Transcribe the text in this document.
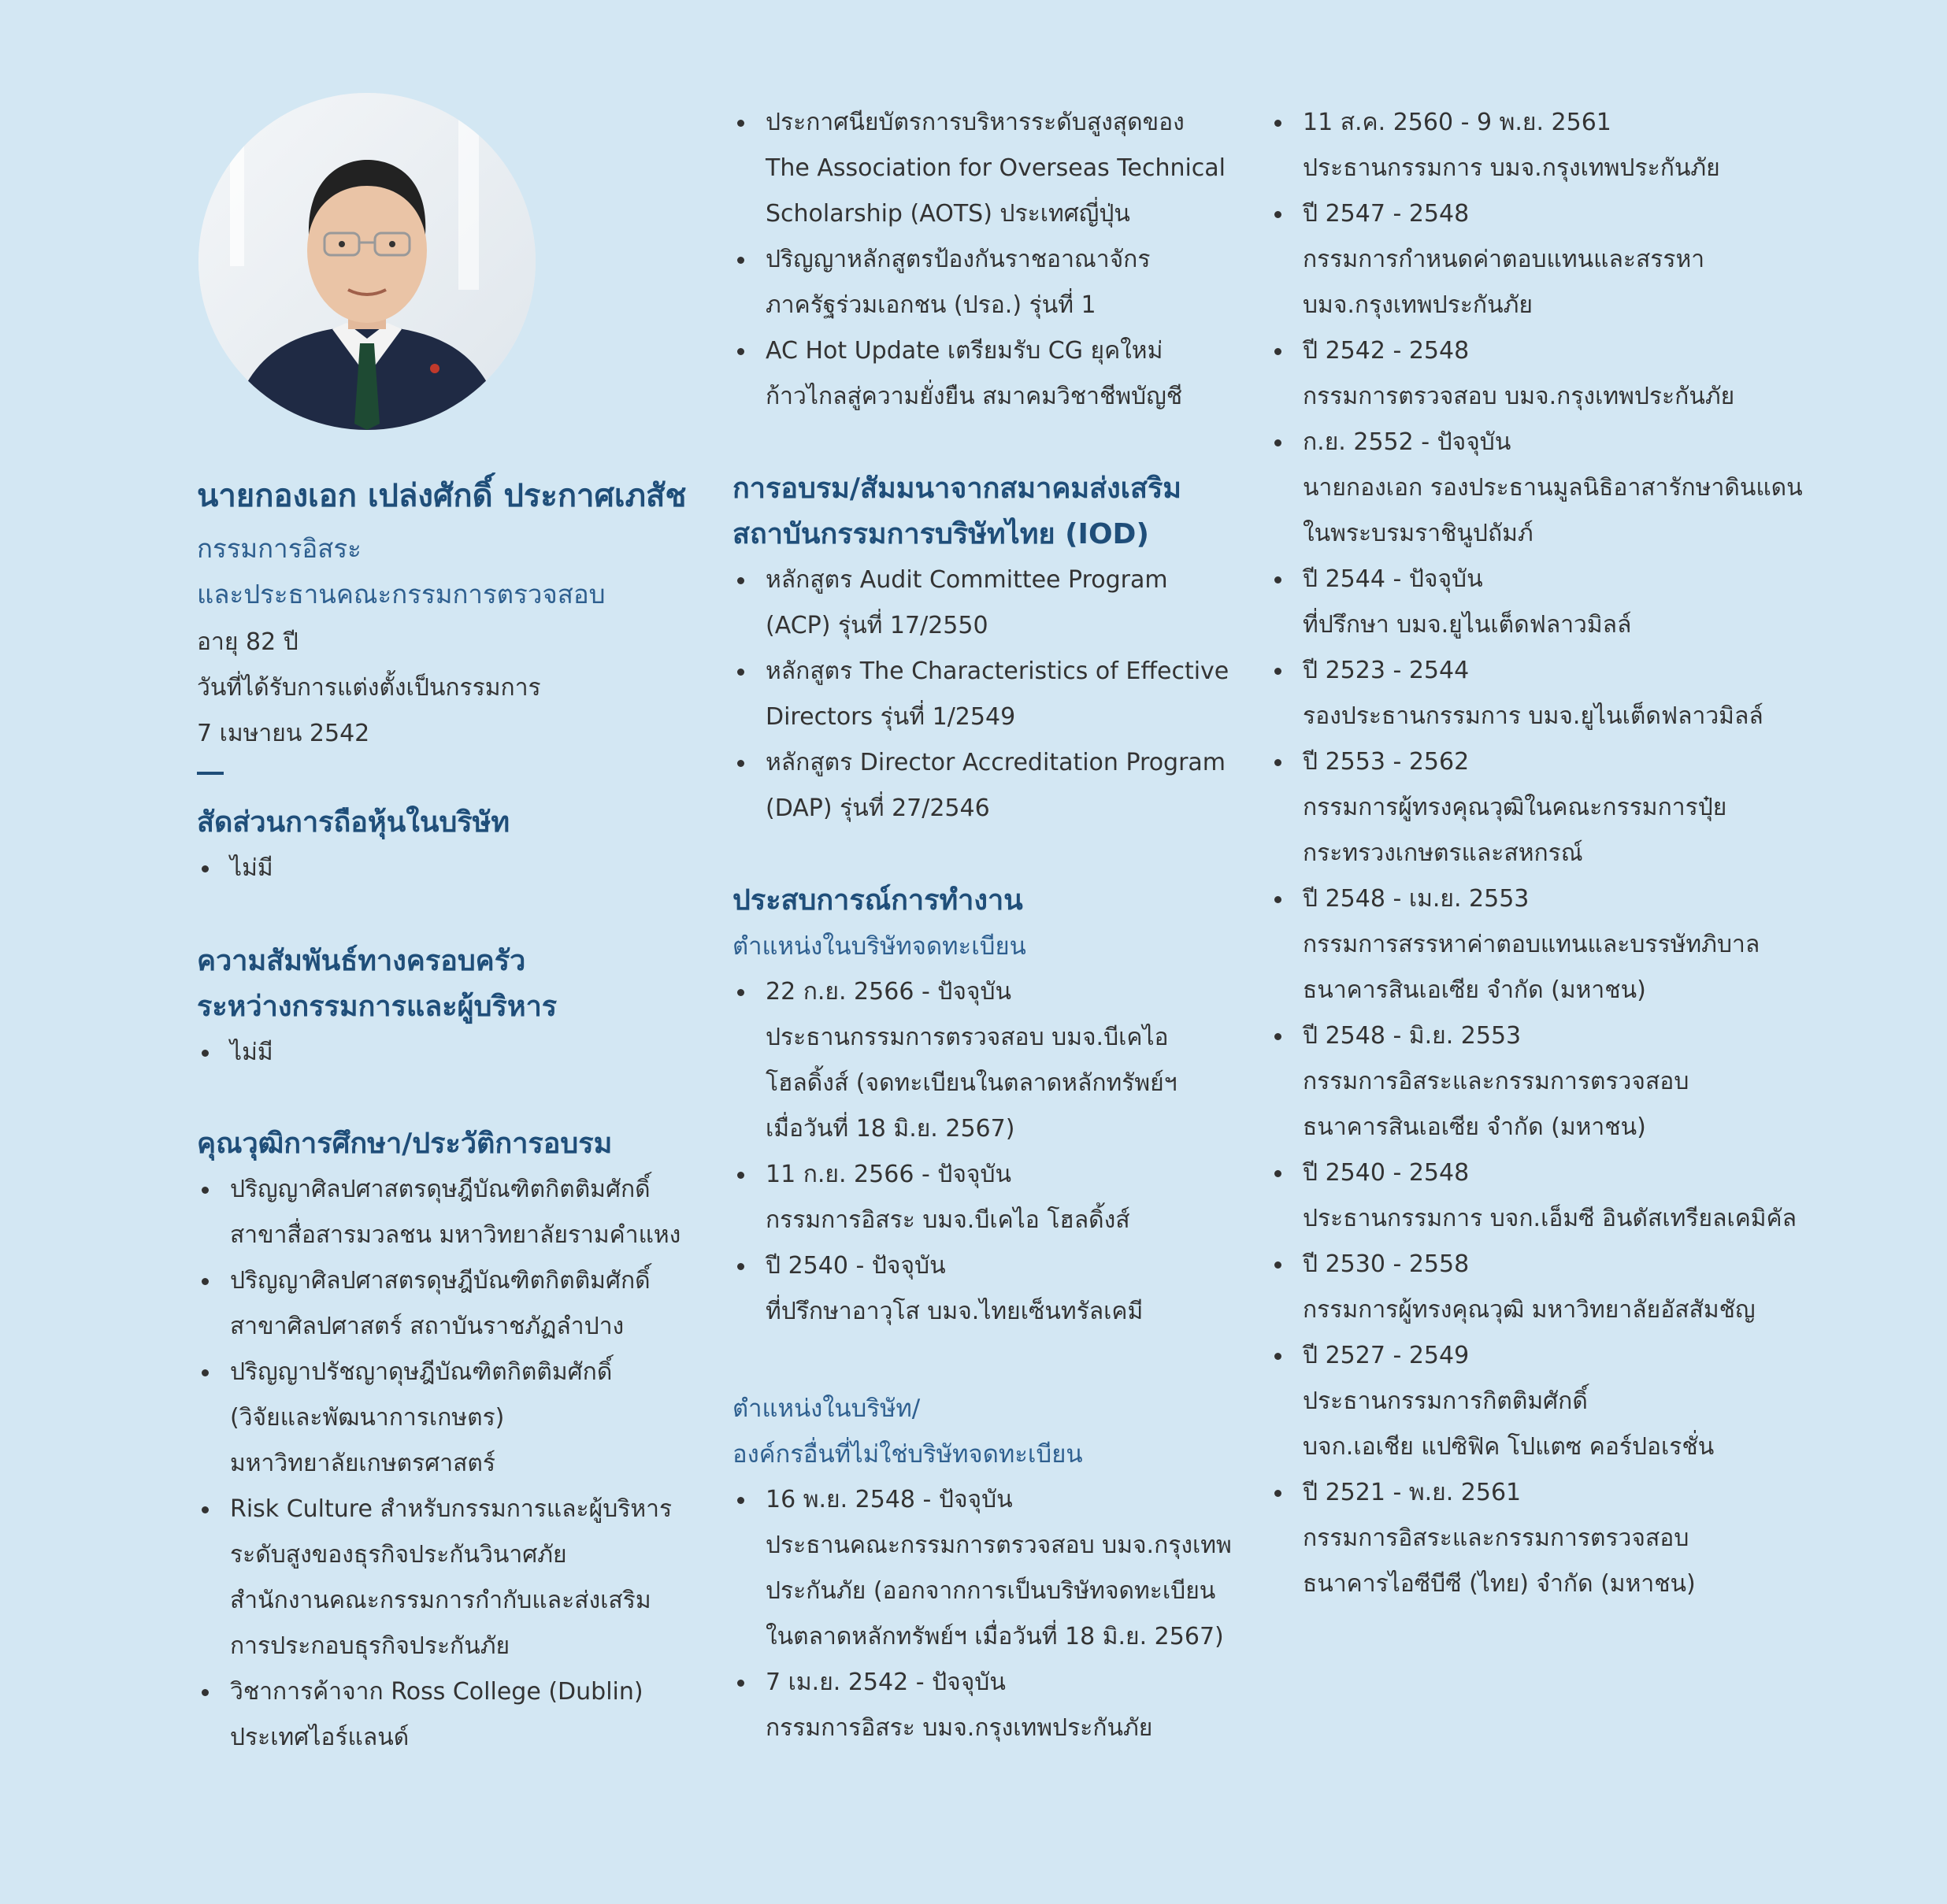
นายกองเอก เปล่งศักดิ์ ประกาศเภสัช
กรรมการอิสระ
และประธานคณะกรรมการตรวจสอบ
อายุ 82 ปี
วันที่ได้รับการแต่งตั้งเป็นกรรมการ
7 เมษายน 2542
สัดส่วนการถือหุ้นในบริษัท
ไม่มี
ความสัมพันธ์ทางครอบครัว
ระหว่างกรรมการและผู้บริหาร
ไม่มี
คุณวุฒิการศึกษา/ประวัติการอบรม
ปริญญาศิลปศาสตรดุษฎีบัณฑิตกิตติมศักดิ์
สาขาสื่อสารมวลชน มหาวิทยาลัยรามคำแหง
ปริญญาศิลปศาสตรดุษฎีบัณฑิตกิตติมศักดิ์
สาขาศิลปศาสตร์ สถาบันราชภัฏลำปาง
ปริญญาปรัชญาดุษฎีบัณฑิตกิตติมศักดิ์
(วิจัยและพัฒนาการเกษตร)
มหาวิทยาลัยเกษตรศาสตร์
Risk Culture สำหรับกรรมการและผู้บริหาร
ระดับสูงของธุรกิจประกันวินาศภัย
สำนักงานคณะกรรมการกำกับและส่งเสริม
การประกอบธุรกิจประกันภัย
วิชาการค้าจาก Ross College (Dublin)
ประเทศไอร์แลนด์
ประกาศนียบัตรการบริหารระดับสูงสุดของ
The Association for Overseas Technical
Scholarship (AOTS) ประเทศญี่ปุ่น
ปริญญาหลักสูตรป้องกันราชอาณาจักร
ภาครัฐร่วมเอกชน (ปรอ.) รุ่นที่ 1
AC Hot Update เตรียมรับ CG ยุคใหม่
ก้าวไกลสู่ความยั่งยืน สมาคมวิชาชีพบัญชี
การอบรม/สัมมนาจากสมาคมส่งเสริม
สถาบันกรรมการบริษัทไทย (IOD)
หลักสูตร Audit Committee Program
(ACP) รุ่นที่ 17/2550
หลักสูตร The Characteristics of Effective
Directors รุ่นที่ 1/2549
หลักสูตร Director Accreditation Program
(DAP) รุ่นที่ 27/2546
ประสบการณ์การทำงาน
ตำแหน่งในบริษัทจดทะเบียน
22 ก.ย. 2566 - ปัจจุบัน
ประธานกรรมการตรวจสอบ บมจ.บีเคไอ
โฮลดิ้งส์ (จดทะเบียนในตลาดหลักทรัพย์ฯ
เมื่อวันที่ 18 มิ.ย. 2567)
11 ก.ย. 2566 - ปัจจุบัน
กรรมการอิสระ บมจ.บีเคไอ โฮลดิ้งส์
ปี 2540 - ปัจจุบัน
ที่ปรึกษาอาวุโส บมจ.ไทยเซ็นทรัลเคมี
ตำแหน่งในบริษัท/
องค์กรอื่นที่ไม่ใช่บริษัทจดทะเบียน
16 พ.ย. 2548 - ปัจจุบัน
ประธานคณะกรรมการตรวจสอบ บมจ.กรุงเทพ
ประกันภัย (ออกจากการเป็นบริษัทจดทะเบียน
ในตลาดหลักทรัพย์ฯ เมื่อวันที่ 18 มิ.ย. 2567)
7 เม.ย. 2542 - ปัจจุบัน
กรรมการอิสระ บมจ.กรุงเทพประกันภัย
11 ส.ค. 2560 - 9 พ.ย. 2561
ประธานกรรมการ บมจ.กรุงเทพประกันภัย
ปี 2547 - 2548
กรรมการกำหนดค่าตอบแทนและสรรหา
บมจ.กรุงเทพประกันภัย
ปี 2542 - 2548
กรรมการตรวจสอบ บมจ.กรุงเทพประกันภัย
ก.ย. 2552 - ปัจจุบัน
นายกองเอก รองประธานมูลนิธิอาสารักษาดินแดน
ในพระบรมราชินูปถัมภ์
ปี 2544 - ปัจจุบัน
ที่ปรึกษา บมจ.ยูไนเต็ดฟลาวมิลล์
ปี 2523 - 2544
รองประธานกรรมการ บมจ.ยูไนเต็ดฟลาวมิลล์
ปี 2553 - 2562
กรรมการผู้ทรงคุณวุฒิในคณะกรรมการปุ๋ย
กระทรวงเกษตรและสหกรณ์
ปี 2548 - เม.ย. 2553
กรรมการสรรหาค่าตอบแทนและบรรษัทภิบาล
ธนาคารสินเอเซีย จำกัด (มหาชน)
ปี 2548 - มิ.ย. 2553
กรรมการอิสระและกรรมการตรวจสอบ
ธนาคารสินเอเซีย จำกัด (มหาชน)
ปี 2540 - 2548
ประธานกรรมการ บจก.เอ็มซี อินดัสเทรียลเคมิคัล
ปี 2530 - 2558
กรรมการผู้ทรงคุณวุฒิ มหาวิทยาลัยอัสสัมชัญ
ปี 2527 - 2549
ประธานกรรมการกิตติมศักดิ์
บจก.เอเชีย แปซิฟิค โปแตซ คอร์ปอเรชั่น
ปี 2521 - พ.ย. 2561
กรรมการอิสระและกรรมการตรวจสอบ
ธนาคารไอซีบีซี (ไทย) จำกัด (มหาชน)
